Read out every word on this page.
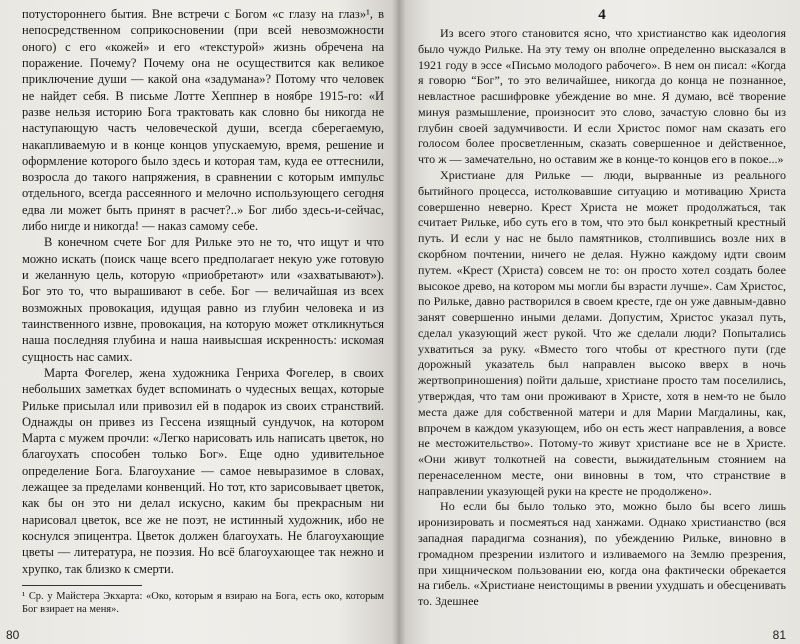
потустороннего бытия. Вне встречи с Богом «с глазу на глаз»¹, в непосредственном соприкосновении (при всей невозможности оного) с его «кожей» и его «текстурой» жизнь обречена на поражение. Почему? Почему она не осуществится как великое приключение души — какой она «задумана»? Потому что человек не найдет себя. В письме Лотте Хеппнер в ноябре 1915-го: «И разве нельзя историю Бога трактовать как словно бы никогда не наступающую часть человеческой души, всегда сберегаемую, накапливаемую и в конце концов упускаемую, время, решение и оформление которого было здесь и которая там, куда ее оттеснили, возросла до такого напряжения, в сравнении с которым импульс отдельного, всегда рассеянного и мелочно использующего сегодня едва ли может быть принят в расчет?..» Бог либо здесь-и-сейчас, либо нигде и никогда! — наказ самому себе.

В конечном счете Бог для Рильке это не то, что ищут и что можно искать (поиск чаще всего предполагает некую уже готовую и желанную цель, которую «приобретают» или «захватывают»). Бог это то, что вырашивают в себе. Бог — величайшая из всех возможных провокация, идущая равно из глубин человека и из таинственного извне, провокация, на которую может откликнуться наша последняя глубина и наша наивысшая искренность: искомая сущность нас самих.

Марта Фогелер, жена художника Генриха Фогелер, в своих небольших заметках будет вспоминать о чудесных вещах, которые Рильке присылал или привозил ей в подарок из своих странствий. Однажды он привез из Гессена изящный сундучок, на котором Марта с мужем прочли: «Легко нарисовать иль написать цветок, но благоухать способен только Бог». Еще одно удивительное определение Бога. Благоухание — самое невыразимое в словах, лежащее за пределами конвенций. Но тот, кто зарисовывает цветок, как бы он это ни делал искусно, каким бы прекрасным ни нарисовал цветок, все же не поэт, не истинный художник, ибо не коснулся эпицентра. Цветок должен благоухать. Не благоухающие цветы — литература, не поэзия. Но всё благоухающее так нежно и хрупко, так близко к смерти.

¹ Ср. у Майстера Экхарта: «Око, которым я взираю на Бога, есть око, которым Бог взирает на меня».

80
4

Из всего этого становится ясно, что христианство как идеология было чуждо Рильке. На эту тему он вполне определенно высказался в 1921 году в эссе «Письмо молодого рабочего». В нем он писал: «Когда я говорю “Бог”, то это величайшее, никогда до конца не познанное, невластное расшифровке убеждение во мне. Я думаю, всё творение минуя размышление, произносит это слово, зачастую словно бы из глубин своей задумчивости. И если Христос помог нам сказать его голосом более просветленным, сказать совершенное и действенное, что ж — замечательно, но оставим же в конце-то концов его в покое...»

Христиане для Рильке — люди, вырванные из реального бытийного процесса, истолковавшие ситуацию и мотивацию Христа совершенно неверно. Крест Христа не может продолжаться, так считает Рильке, ибо суть его в том, что это был конкретный крестный путь. И если у нас не было памятников, столпившись возле них в скорбном почтении, ничего не делая. Нужно каждому идти своим путем. «Крест (Христа) совсем не то: он просто хотел создать более высокое древо, на котором мы могли бы взрасти лучше». Сам Христос, по Рильке, давно растворился в своем кресте, где он уже давным-давно занят совершенно иными делами. Допустим, Христос указал путь, сделал указующий жест рукой. Что же сделали люди? Попытались ухватиться за руку. «Вместо того чтобы от крестного пути (где дорожный указатель был направлен высоко вверх в ночь жертвоприношения) пойти дальше, христиане просто там поселились, утверждая, что там они проживают в Христе, хотя в нем-то не было места даже для собственной матери и для Марии Магдалины, как, впрочем в каждом указующем, ибо он есть жест направления, а вовсе не местожительство». Потому-то живут христиане все не в Христе. «Они живут толкотней на совести, выжидательным стоянием на перенаселенном месте, они виновны в том, что странствие в направлении указующей руки на кресте не продолжено».

Но если бы было только это, можно было бы всего лишь иронизировать и посмеяться над ханжами. Однако христианство (вся западная парадигма сознания), по убеждению Рильке, виновно в громадном презрении излитого и изливаемого на Землю презрения, при хищническом пользовании ею, когда она фактически обрекается на гибель. «Христиане неистощимы в рвении ухудшать и обесценивать то. Здешнее

81
